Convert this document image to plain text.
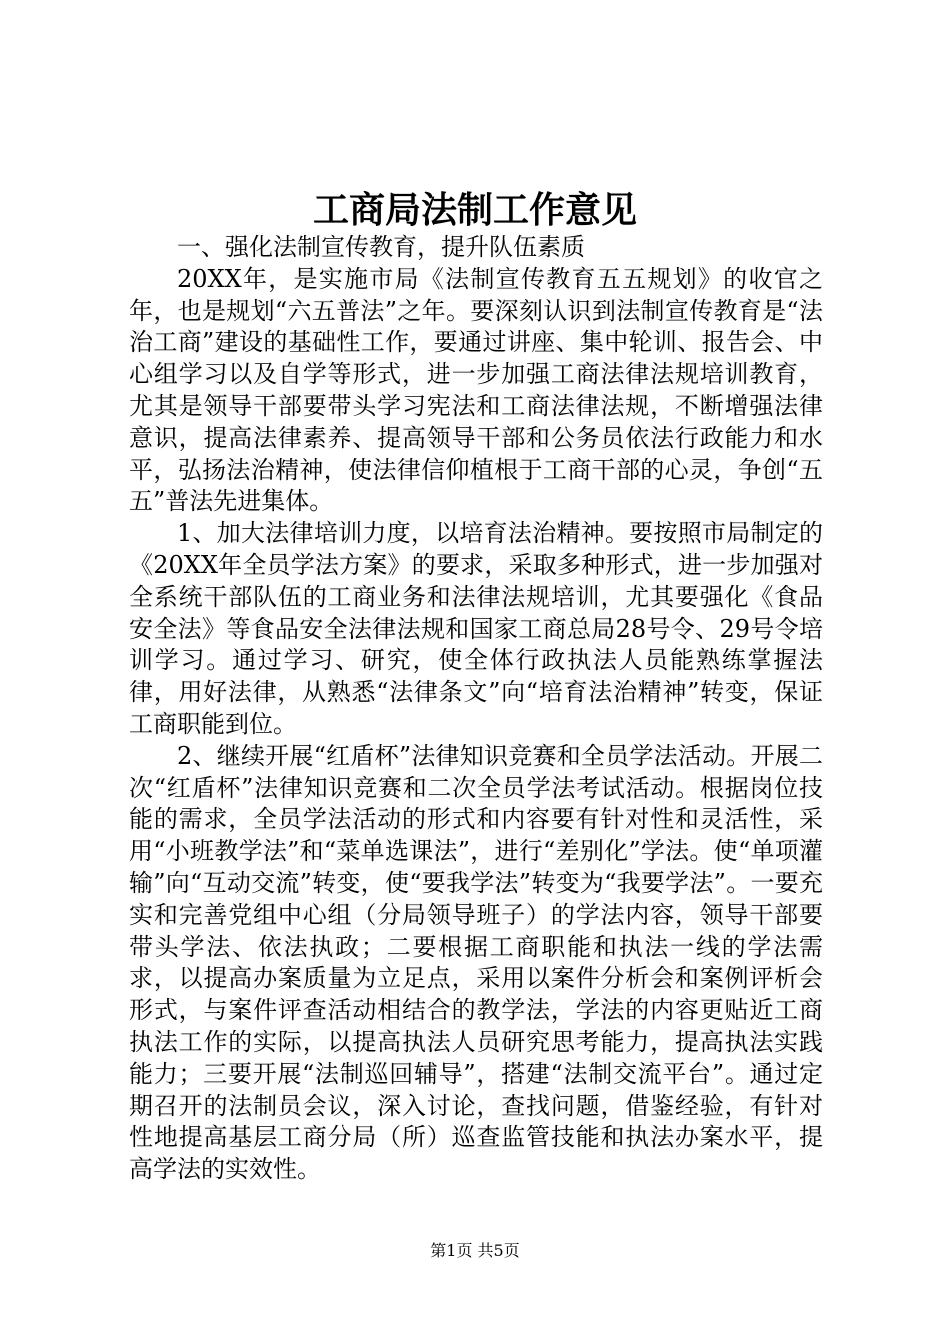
工商局法制工作意见

一、强化法制宣传教育，提升队伍素质

20XX年，是实施市局《法制宣传教育五五规划》的收官之年，也是规划“六五普法”之年。要深刻认识到法制宣传教育是“法治工商”建设的基础性工作，要通过讲座、集中轮训、报告会、中心组学习以及自学等形式，进一步加强工商法律法规培训教育，尤其是领导干部要带头学习宪法和工商法律法规，不断增强法律意识，提高法律素养、提高领导干部和公务员依法行政能力和水平，弘扬法治精神，使法律信仰植根于工商干部的心灵，争创“五五”普法先进集体。

1、加大法律培训力度，以培育法治精神。要按照市局制定的《20XX年全员学法方案》的要求，采取多种形式，进一步加强对全系统干部队伍的工商业务和法律法规培训，尤其要强化《食品安全法》等食品安全法律法规和国家工商总局28号令、29号令培训学习。通过学习、研究，使全体行政执法人员能熟练掌握法律，用好法律，从熟悉“法律条文”向“培育法治精神”转变，保证工商职能到位。

2、继续开展“红盾杯”法律知识竞赛和全员学法活动。开展二次“红盾杯”法律知识竞赛和二次全员学法考试活动。根据岗位技能的需求，全员学法活动的形式和内容要有针对性和灵活性，采用“小班教学法”和“菜单选课法”，进行“差别化”学法。使“单项灌输”向“互动交流”转变，使“要我学法”转变为“我要学法”。一要充实和完善党组中心组（分局领导班子）的学法内容，领导干部要带头学法、依法执政；二要根据工商职能和执法一线的学法需求，以提高办案质量为立足点，采用以案件分析会和案例评析会形式，与案件评查活动相结合的教学法，学法的内容更贴近工商执法工作的实际，以提高执法人员研究思考能力，提高执法实践能力；三要开展“法制巡回辅导”，搭建“法制交流平台”。通过定期召开的法制员会议，深入讨论，查找问题，借鉴经验，有针对性地提高基层工商分局（所）巡查监管技能和执法办案水平，提高学法的实效性。

第1页 共5页
